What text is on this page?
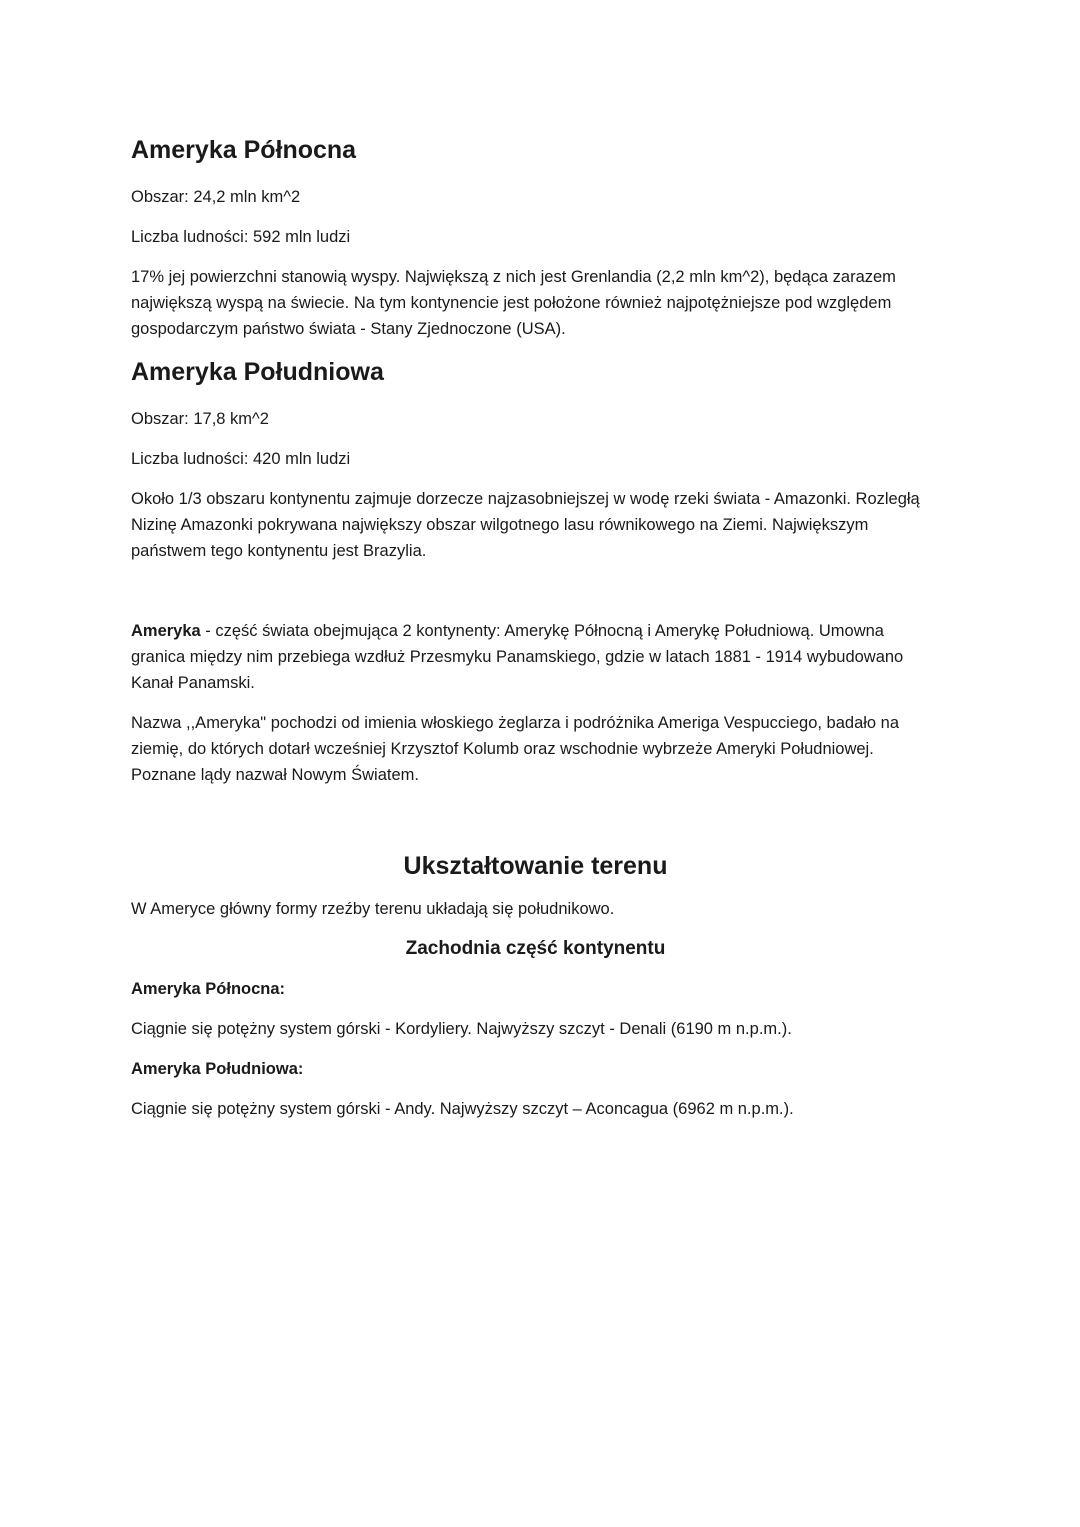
Ameryka Północna

Obszar: 24,2 mln km^2

Liczba ludności: 592 mln ludzi

17% jej powierzchni stanowią wyspy. Największą z nich jest Grenlandia (2,2 mln km^2), będąca zarazem największą wyspą na świecie. Na tym kontynencie jest położone również najpotężniejsze pod względem gospodarczym państwo świata - Stany Zjednoczone (USA).

Ameryka Południowa

Obszar: 17,8 km^2

Liczba ludności: 420 mln ludzi

Około 1/3 obszaru kontynentu zajmuje dorzecze najzasobniejszej w wodę rzeki świata - Amazonki. Rozległą Nizinę Amazonki pokrywana największy obszar wilgotnego lasu równikowego na Ziemi. Największym państwem tego kontynentu jest Brazylia.

Ameryka - część świata obejmująca 2 kontynenty: Amerykę Północną i Amerykę Południową. Umowna granica między nim przebiega wzdłuż Przesmyku Panamskiego, gdzie w latach 1881 - 1914 wybudowano Kanał Panamski.

Nazwa ,,Ameryka" pochodzi od imienia włoskiego żeglarza i podróżnika Ameriga Vespucciego, badało na ziemię, do których dotarł wcześniej Krzysztof Kolumb oraz wschodnie wybrzeże Ameryki Południowej. Poznane lądy nazwał Nowym Światem.

Ukształtowanie terenu

W Ameryce główny formy rzeźby terenu układają się południkowo.

Zachodnia część kontynentu

Ameryka Północna:

Ciągnie się potężny system górski - Kordyliery. Najwyższy szczyt - Denali (6190 m n.p.m.).

Ameryka Południowa:

Ciągnie się potężny system górski - Andy. Najwyższy szczyt – Aconcagua (6962 m n.p.m.).
